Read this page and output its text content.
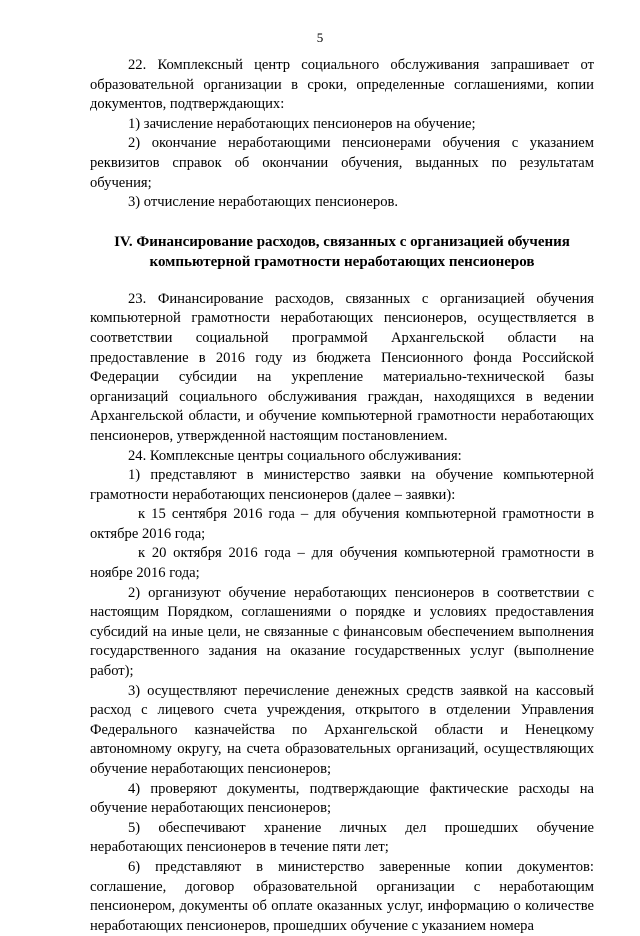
5

22. Комплексный центр социального обслуживания запрашивает от образовательной организации в сроки, определенные соглашениями, копии документов, подтверждающих:

1) зачисление неработающих пенсионеров на обучение;

2) окончание неработающими пенсионерами обучения с указанием реквизитов справок об окончании обучения, выданных по результатам обучения;

3) отчисление неработающих пенсионеров.

IV. Финансирование расходов, связанных с организацией обучения компьютерной грамотности неработающих пенсионеров

23. Финансирование расходов, связанных с организацией обучения компьютерной грамотности неработающих пенсионеров, осуществляется в соответствии социальной программой Архангельской области на предоставление в 2016 году из бюджета Пенсионного фонда Российской Федерации субсидии на укрепление материально-технической базы организаций социального обслуживания граждан, находящихся в ведении Архангельской области, и обучение компьютерной грамотности неработающих пенсионеров, утвержденной настоящим постановлением.

24. Комплексные центры социального обслуживания:

1) представляют в министерство заявки на обучение компьютерной грамотности неработающих пенсионеров (далее – заявки):

к 15 сентября 2016 года – для обучения компьютерной грамотности в октябре 2016 года;

к 20 октября 2016 года – для обучения компьютерной грамотности в ноябре 2016 года;

2) организуют обучение неработающих пенсионеров в соответствии с настоящим Порядком, соглашениями о порядке и условиях предоставления субсидий на иные цели, не связанные с финансовым обеспечением выполнения государственного задания на оказание государственных услуг (выполнение работ);

3) осуществляют перечисление денежных средств заявкой на кассовый расход с лицевого счета учреждения, открытого в отделении Управления Федерального казначейства по Архангельской области и Ненецкому автономному округу, на счета образовательных организаций, осуществляющих обучение неработающих пенсионеров;

4) проверяют документы, подтверждающие фактические расходы на обучение неработающих пенсионеров;

5) обеспечивают хранение личных дел прошедших обучение неработающих пенсионеров в течение пяти лет;

6) представляют в министерство заверенные копии документов: соглашение, договор образовательной организации с неработающим пенсионером, документы об оплате оказанных услуг, информацию о количестве неработающих пенсионеров, прошедших обучение с указанием номера
